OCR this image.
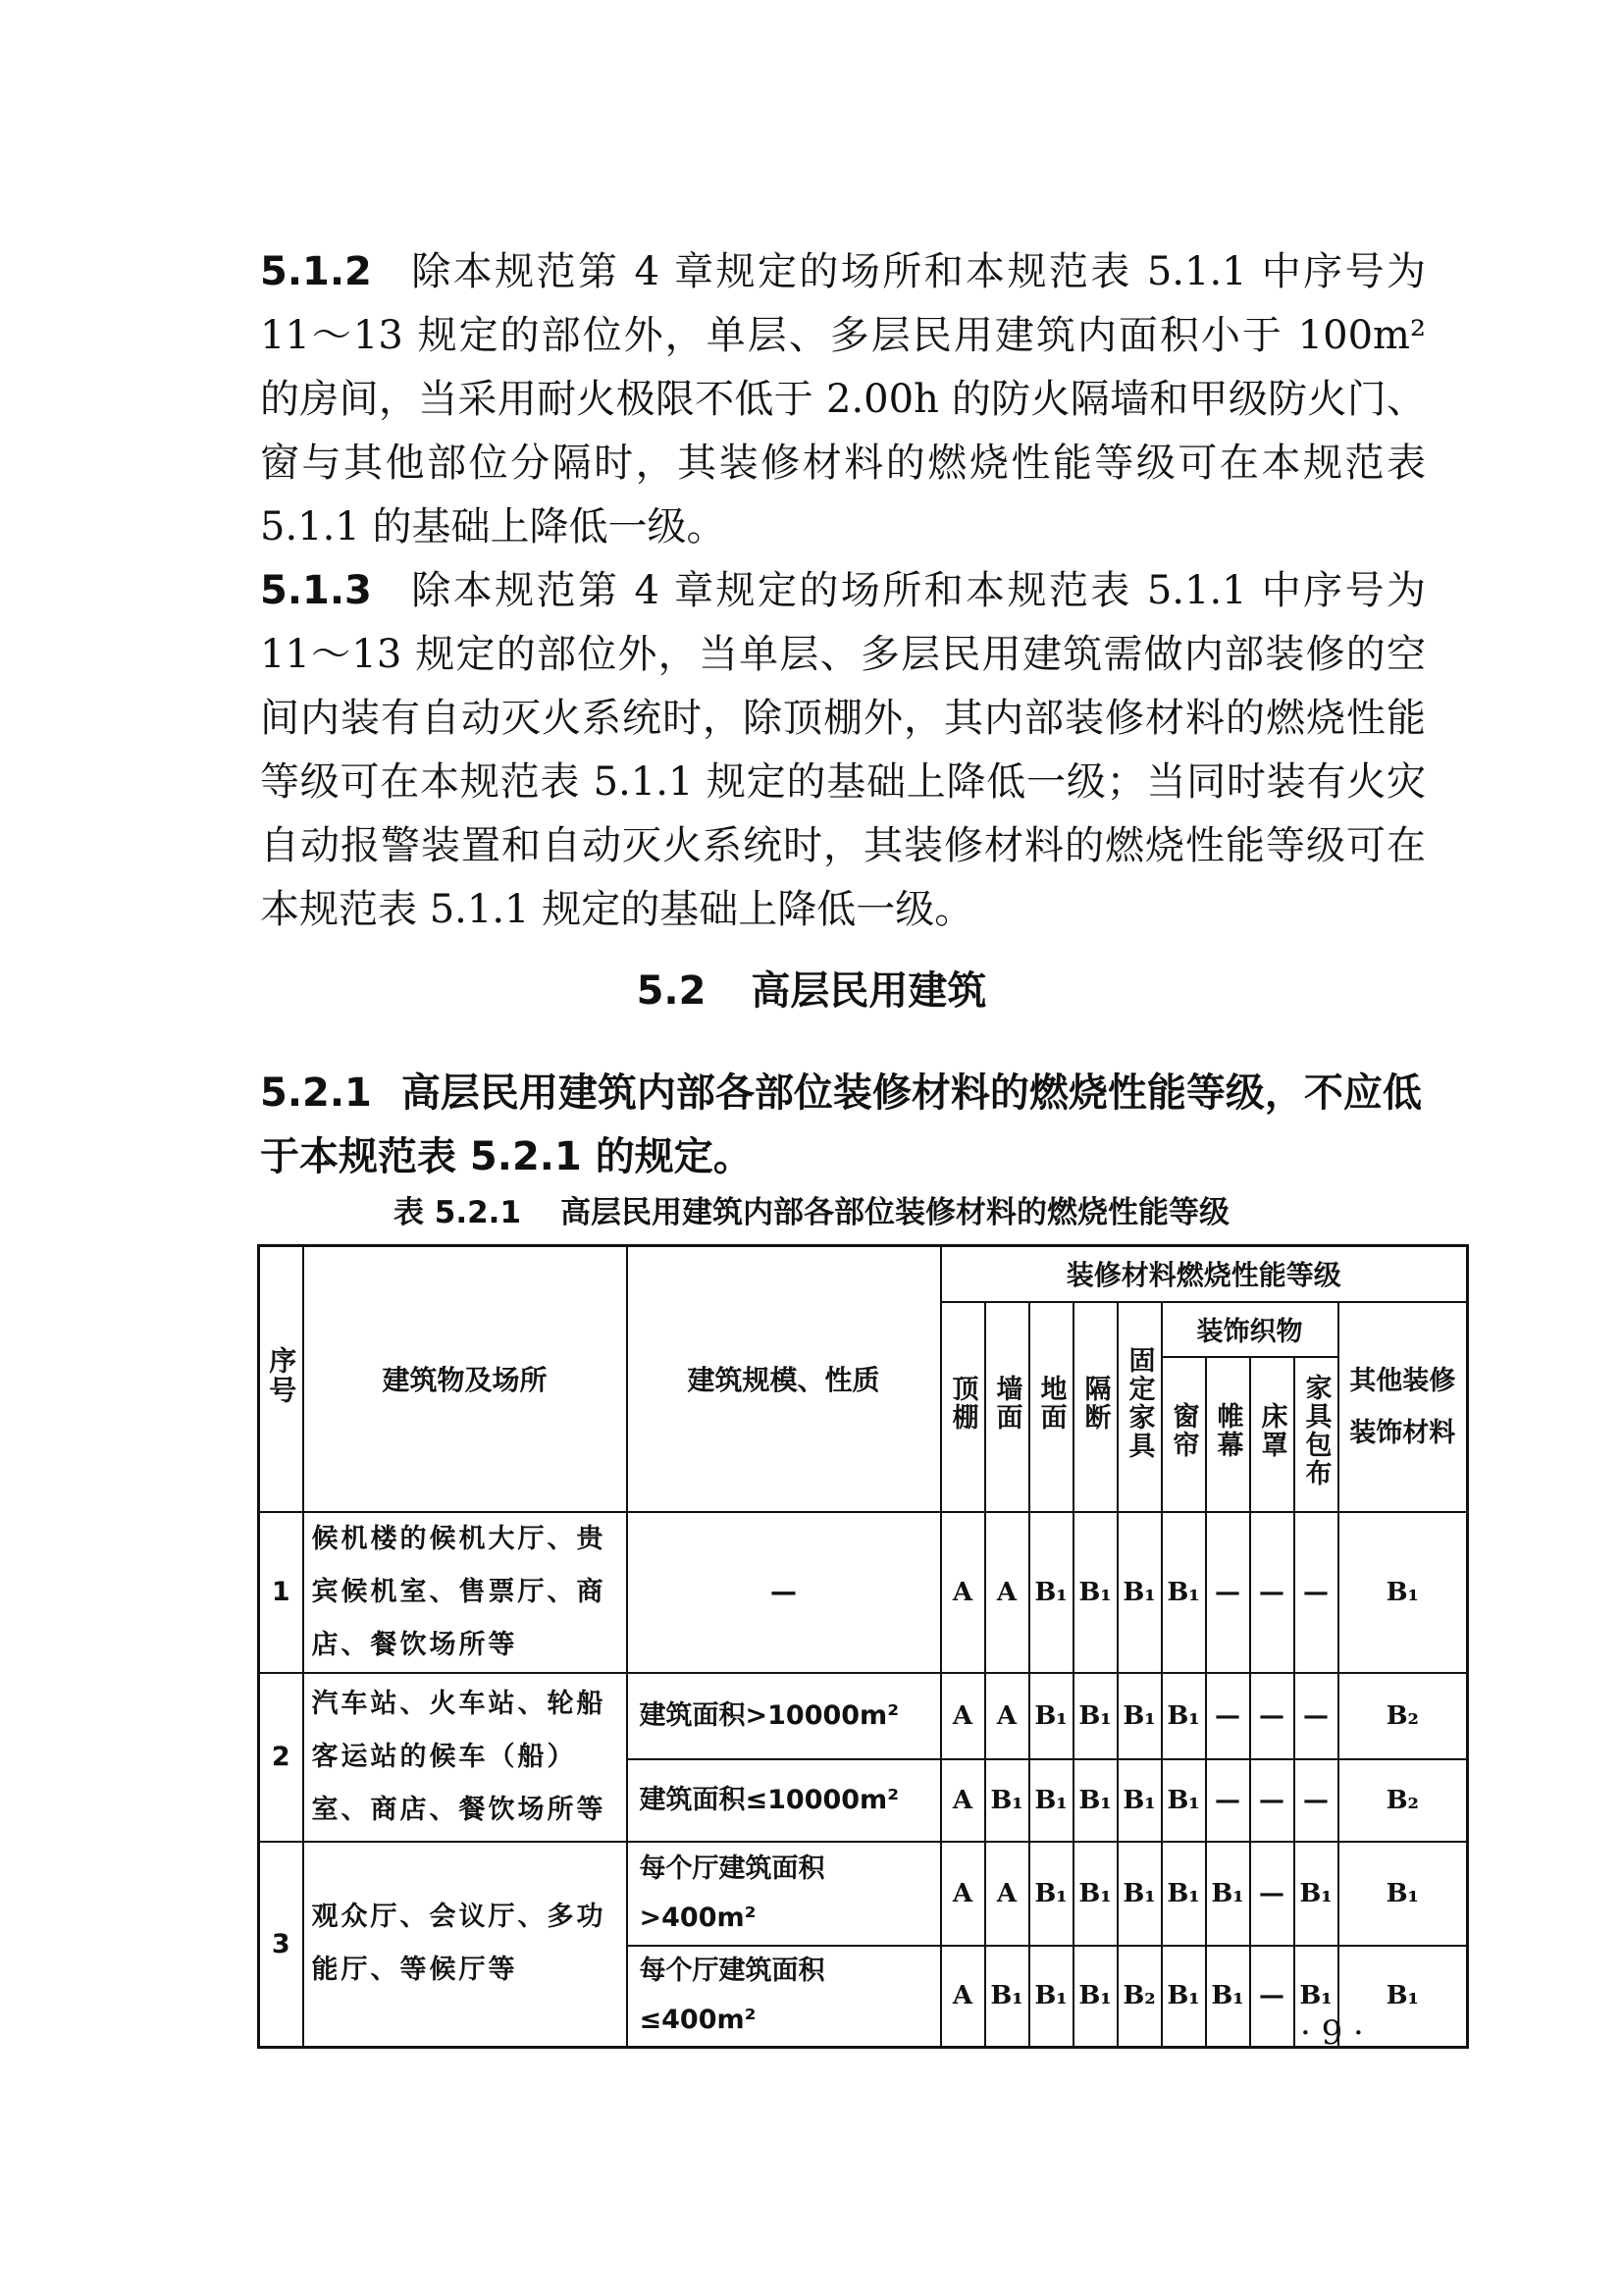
5.1.2 除本规范第 4 章规定的场所和本规范表 5.1.1 中序号为 11～13 规定的部位外，单层、多层民用建筑内面积小于 100m² 的房间，当采用耐火极限不低于 2.00h 的防火隔墙和甲级防火门、窗与其他部位分隔时，其装修材料的燃烧性能等级可在本规范表 5.1.1 的基础上降低一级。
5.1.3 除本规范第 4 章规定的场所和本规范表 5.1.1 中序号为 11～13 规定的部位外，当单层、多层民用建筑需做内部装修的空间内装有自动灭火系统时，除顶棚外，其内部装修材料的燃烧性能等级可在本规范表 5.1.1 规定的基础上降低一级；当同时装有火灾自动报警装置和自动灭火系统时，其装修材料的燃烧性能等级可在本规范表 5.1.1 规定的基础上降低一级。
5.2 高层民用建筑
5.2.1 高层民用建筑内部各部位装修材料的燃烧性能等级，不应低于本规范表 5.2.1 的规定。
表 5.2.1 高层民用建筑内部各部位装修材料的燃烧性能等级
序号	建筑物及场所	建筑规模、性质	装修材料燃烧性能等级									
			顶棚	墙面	地面	隔断	固定家具	装饰织物				其他装修装饰材料
								窗帘	帷幕	床罩	家具包布	
1	候机楼的候机大厅、贵宾候机室、售票厅、商店、餐饮场所等	—	A	A	B₁	B₁	B₁	B₁	—	—	—	B₁
2	汽车站、火车站、轮船客运站的候车（船）室、商店、餐饮场所等	建筑面积>10000m²	A	A	B₁	B₁	B₁	B₁	—	—	—	B₂
		建筑面积≤10000m²	A	B₁	B₁	B₁	B₁	B₁	—	—	—	B₂
3	观众厅、会议厅、多功能厅、等候厅等	每个厅建筑面积>400m²	A	A	B₁	B₁	B₁	B₁	B₁	—	B₁	B₁
		每个厅建筑面积≤400m²	A	B₁	B₁	B₁	B₂	B₁	B₁	—	B₁	B₁
· 9 ·
